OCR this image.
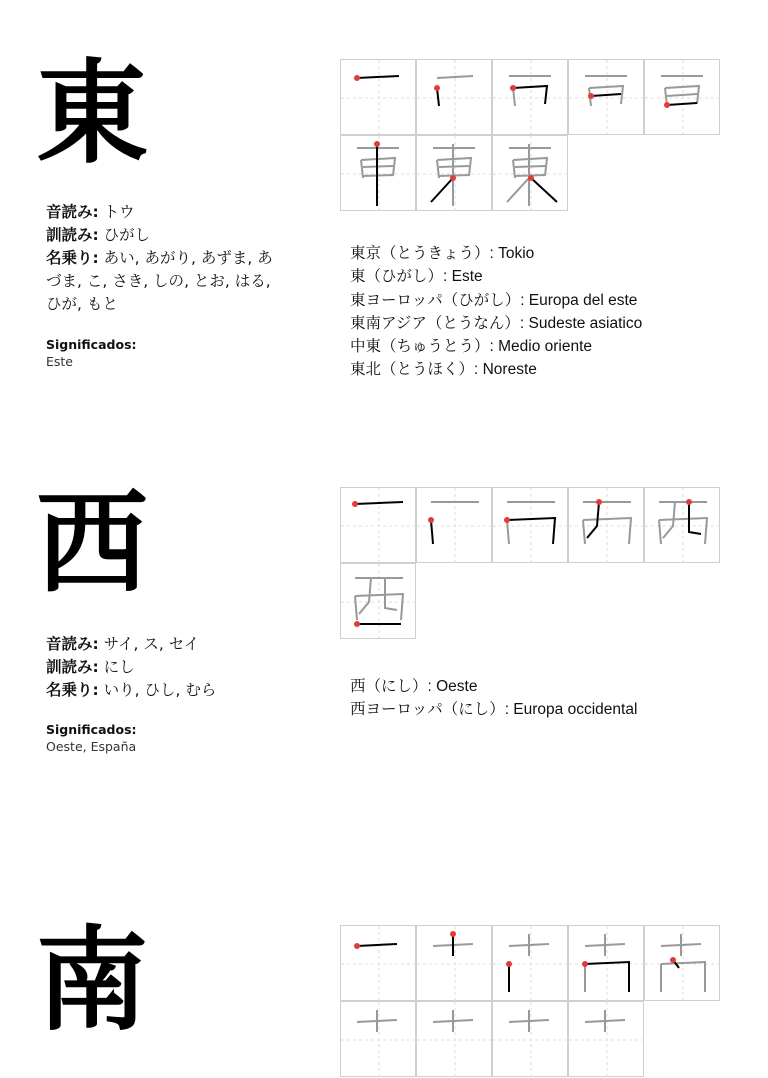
東
音読み: トウ
訓読み: ひがし
名乗り: あい, あがり, あずま, あづま, こ, さき, しの, とお, はる, ひが, もと
Significados:
Este
東京（とうきょう）: Tokio
東（ひがし）: Este
東ヨーロッパ（ひがし）: Europa del este
東南アジア（とうなん）: Sudeste asiatico
中東（ちゅうとう）: Medio oriente
東北（とうほく）: Noreste
西
音読み: サイ, ス, セイ
訓読み: にし
名乗り: いり, ひし, むら
Significados:
Oeste, España
西（にし）: Oeste
西ヨーロッパ（にし）: Europa occidental
南
